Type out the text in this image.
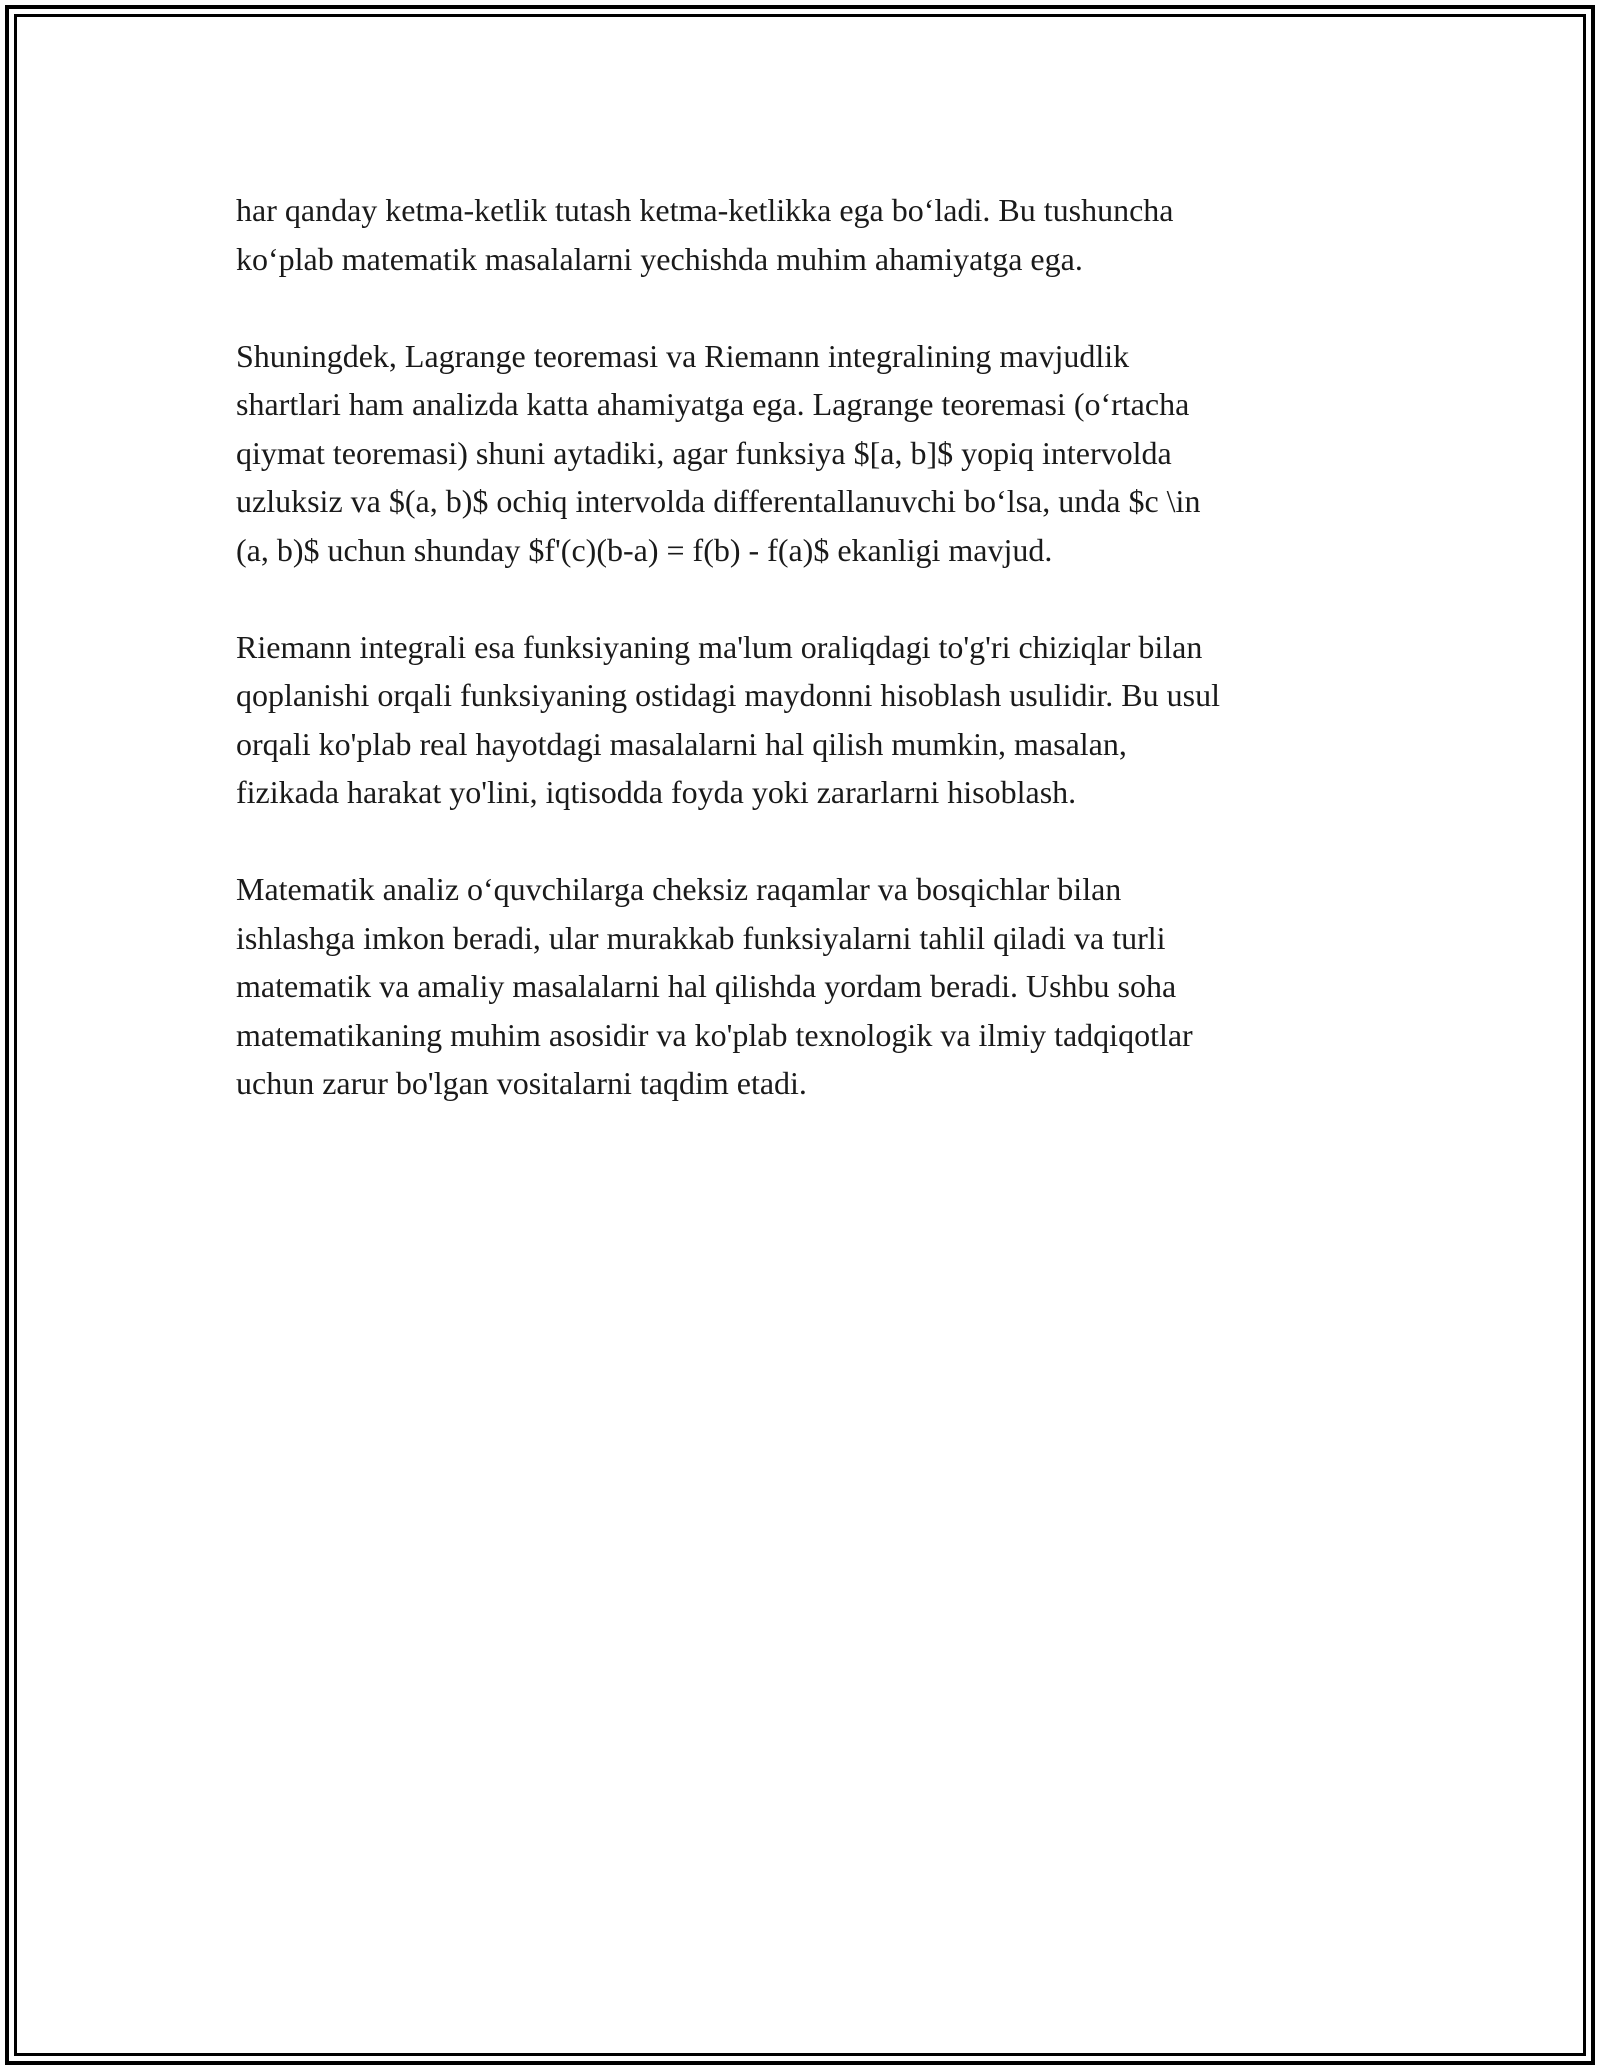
har qanday ketma-ketlik tutash ketma-ketlikka ega bo‘ladi. Bu tushuncha
ko‘plab matematik masalalarni yechishda muhim ahamiyatga ega.

Shuningdek, Lagrange teoremasi va Riemann integralining mavjudlik
shartlari ham analizda katta ahamiyatga ega. Lagrange teoremasi (o‘rtacha
qiymat teoremasi) shuni aytadiki, agar funksiya $[a, b]$ yopiq intervolda
uzluksiz va $(a, b)$ ochiq intervolda differentallanuvchi bo‘lsa, unda $c \in
(a, b)$ uchun shunday $f'(c)(b-a) = f(b) - f(a)$ ekanligi mavjud.

Riemann integrali esa funksiyaning ma'lum oraliqdagi to'g'ri chiziqlar bilan
qoplanishi orqali funksiyaning ostidagi maydonni hisoblash usulidir. Bu usul
orqali ko'plab real hayotdagi masalalarni hal qilish mumkin, masalan,
fizikada harakat yo'lini, iqtisodda foyda yoki zararlarni hisoblash.

Matematik analiz o‘quvchilarga cheksiz raqamlar va bosqichlar bilan
ishlashga imkon beradi, ular murakkab funksiyalarni tahlil qiladi va turli
matematik va amaliy masalalarni hal qilishda yordam beradi. Ushbu soha
matematikaning muhim asosidir va ko'plab texnologik va ilmiy tadqiqotlar
uchun zarur bo'lgan vositalarni taqdim etadi.
